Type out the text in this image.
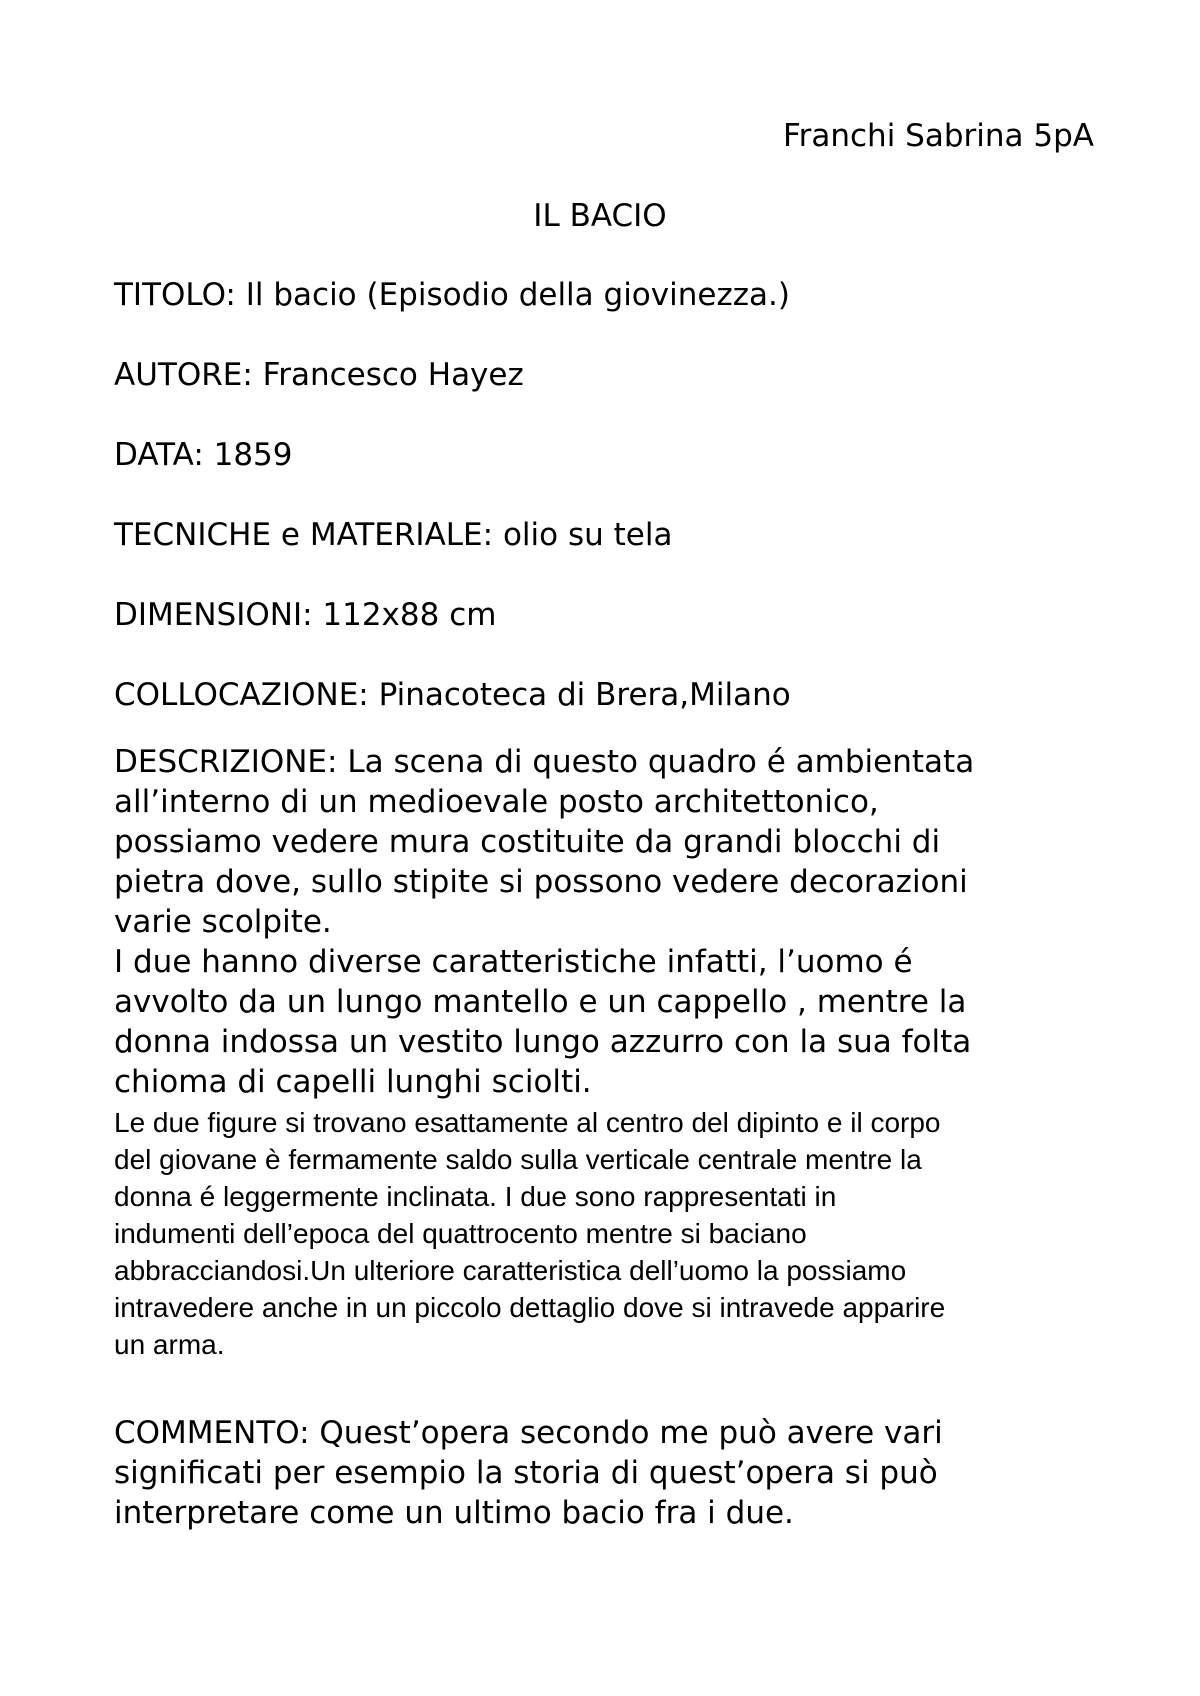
Franchi Sabrina 5pA
IL BACIO
TITOLO: Il bacio (Episodio della giovinezza.)
AUTORE: Francesco Hayez
DATA: 1859
TECNICHE e MATERIALE: olio su tela
DIMENSIONI: 112x88 cm
COLLOCAZIONE: Pinacoteca di Brera,Milano
DESCRIZIONE: La scena di questo quadro é ambientata
all’interno di un medioevale posto architettonico,
possiamo vedere mura costituite da grandi blocchi di
pietra dove, sullo stipite si possono vedere decorazioni
varie scolpite.
I due hanno diverse caratteristiche infatti, l’uomo é
avvolto da un lungo mantello e un cappello , mentre la
donna indossa un vestito lungo azzurro con la sua folta
chioma di capelli lunghi sciolti.
Le due figure si trovano esattamente al centro del dipinto e il corpo
del giovane è fermamente saldo sulla verticale centrale mentre la
donna é leggermente inclinata. I due sono rappresentati in
indumenti dell’epoca del quattrocento mentre si baciano
abbracciandosi.Un ulteriore caratteristica dell’uomo la possiamo
intravedere anche in un piccolo dettaglio dove si intravede apparire
un arma.
COMMENTO: Quest’opera secondo me può avere vari
significati per esempio la storia di quest’opera si può
interpretare come un ultimo bacio fra i due.
